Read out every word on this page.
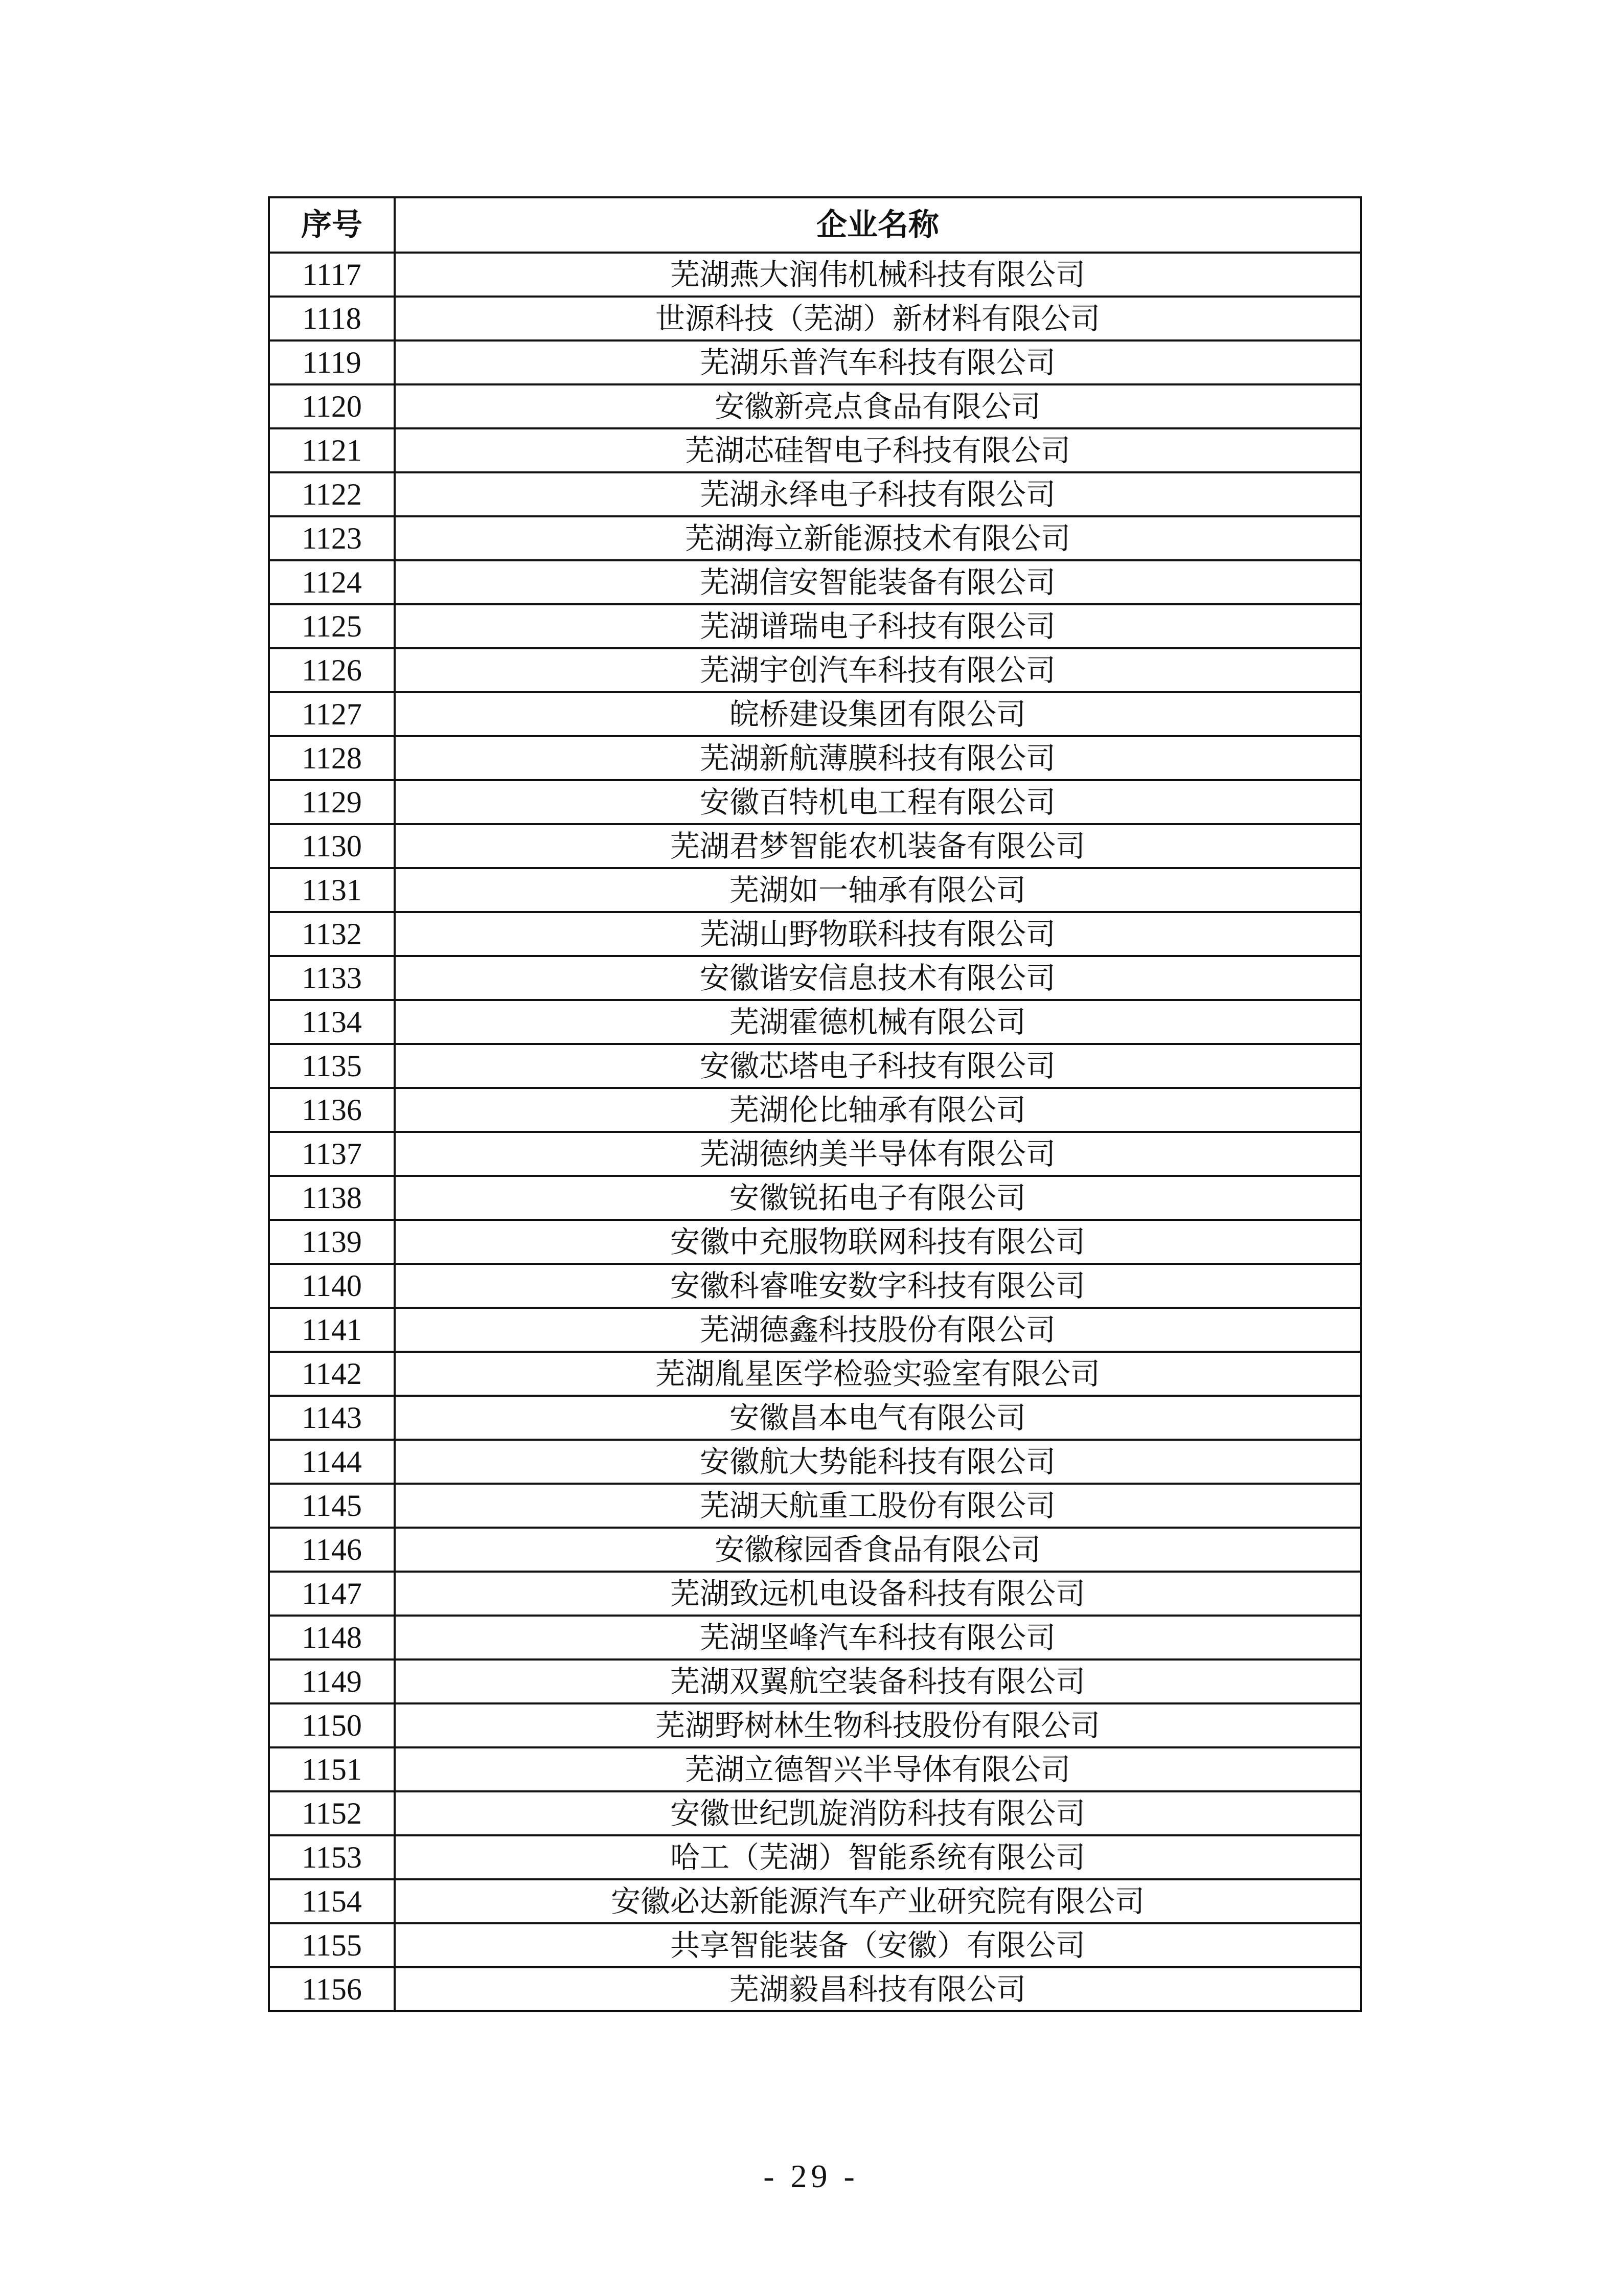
序号	企业名称
1117	芜湖燕大润伟机械科技有限公司
1118	世源科技（芜湖）新材料有限公司
1119	芜湖乐普汽车科技有限公司
1120	安徽新亮点食品有限公司
1121	芜湖芯硅智电子科技有限公司
1122	芜湖永绎电子科技有限公司
1123	芜湖海立新能源技术有限公司
1124	芜湖信安智能装备有限公司
1125	芜湖谱瑞电子科技有限公司
1126	芜湖宇创汽车科技有限公司
1127	皖桥建设集团有限公司
1128	芜湖新航薄膜科技有限公司
1129	安徽百特机电工程有限公司
1130	芜湖君梦智能农机装备有限公司
1131	芜湖如一轴承有限公司
1132	芜湖山野物联科技有限公司
1133	安徽谐安信息技术有限公司
1134	芜湖霍德机械有限公司
1135	安徽芯塔电子科技有限公司
1136	芜湖伦比轴承有限公司
1137	芜湖德纳美半导体有限公司
1138	安徽锐拓电子有限公司
1139	安徽中充服物联网科技有限公司
1140	安徽科睿唯安数字科技有限公司
1141	芜湖德鑫科技股份有限公司
1142	芜湖胤星医学检验实验室有限公司
1143	安徽昌本电气有限公司
1144	安徽航大势能科技有限公司
1145	芜湖天航重工股份有限公司
1146	安徽稼园香食品有限公司
1147	芜湖致远机电设备科技有限公司
1148	芜湖坚峰汽车科技有限公司
1149	芜湖双翼航空装备科技有限公司
1150	芜湖野树林生物科技股份有限公司
1151	芜湖立德智兴半导体有限公司
1152	安徽世纪凯旋消防科技有限公司
1153	哈工（芜湖）智能系统有限公司
1154	安徽必达新能源汽车产业研究院有限公司
1155	共享智能装备（安徽）有限公司
1156	芜湖毅昌科技有限公司
- 29 -
